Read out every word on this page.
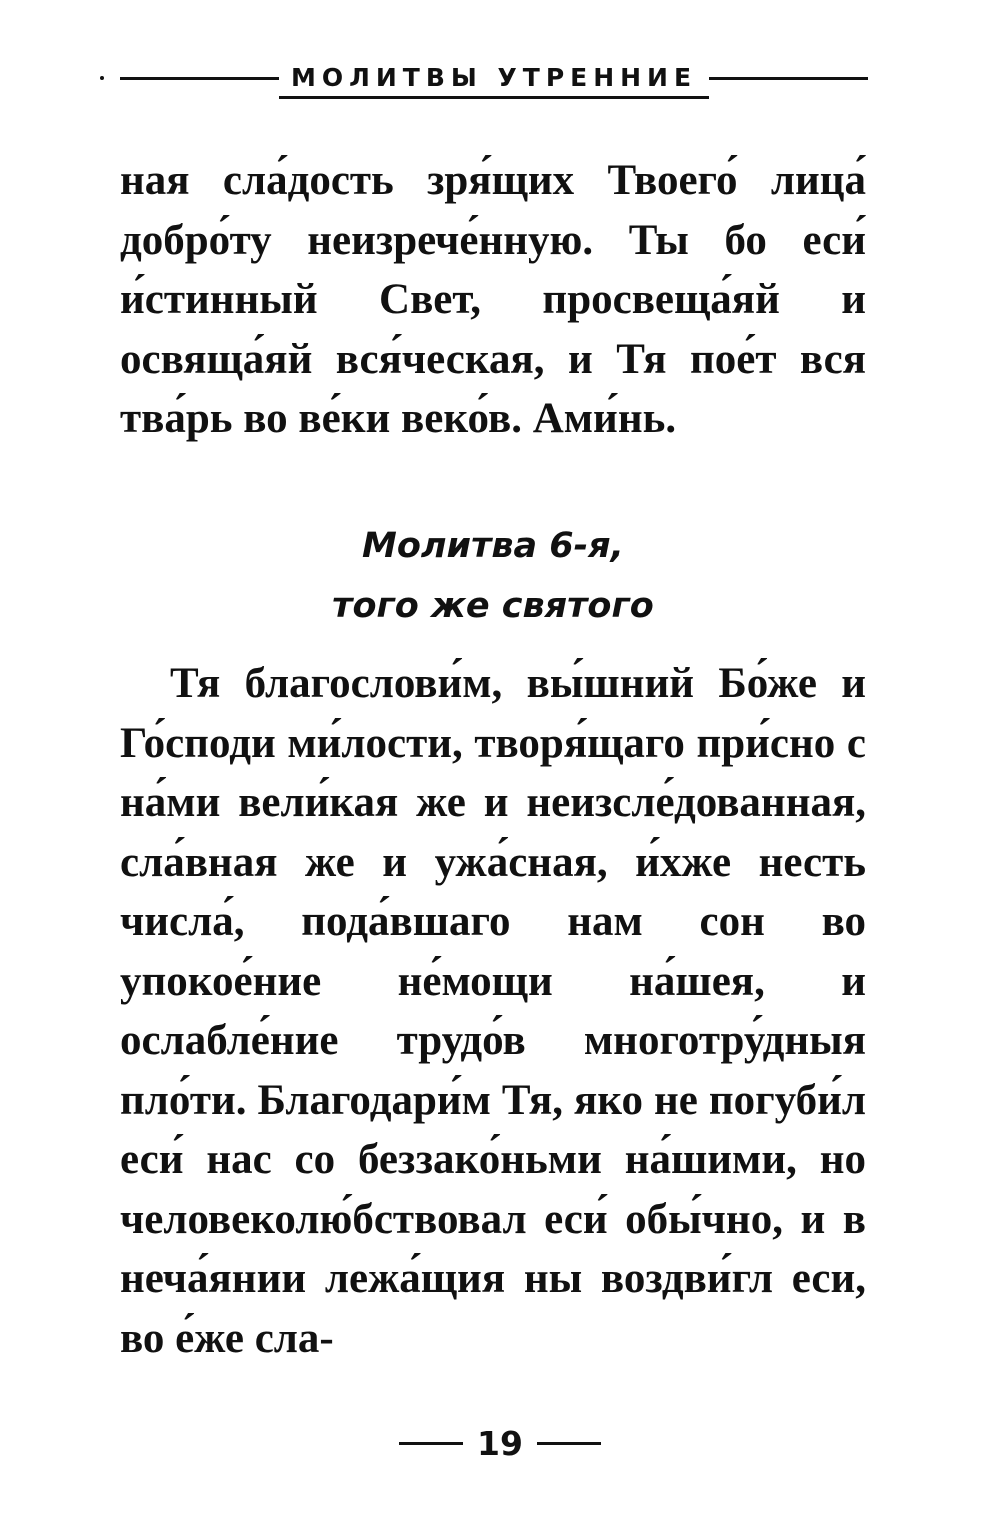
МОЛИТВЫ УТРЕННИЕ

ная сла́дость зря́щих Твоего́ лица́ добро́ту неизрече́нную. Ты бо еси́ и́стинный Свет, просвеща́яй и освяща́яй вся́ческая, и Тя пое́т вся тва́рь во ве́ки веко́в. Ами́нь.

Молитва 6-я,
того же святого

Тя благослови́м, вы́шний Бо́же и Го́споди ми́лости, творя́щаго при́сно с на́ми вели́кая же и неизсле́дованная, сла́вная же и ужа́сная, и́хже несть числа́, пода́вшаго нам сон во упокое́ние не́мощи на́шея, и ослабле́ние трудо́в многотру́дныя пло́ти. Благодари́м Тя, яко не погуби́л еси́ нас со беззако́ньми на́шими, но человеколю́бствовал еси́ обы́чно, и в неча́янии лежа́щия ны воздви́гл еси, во е́же сла-

19
